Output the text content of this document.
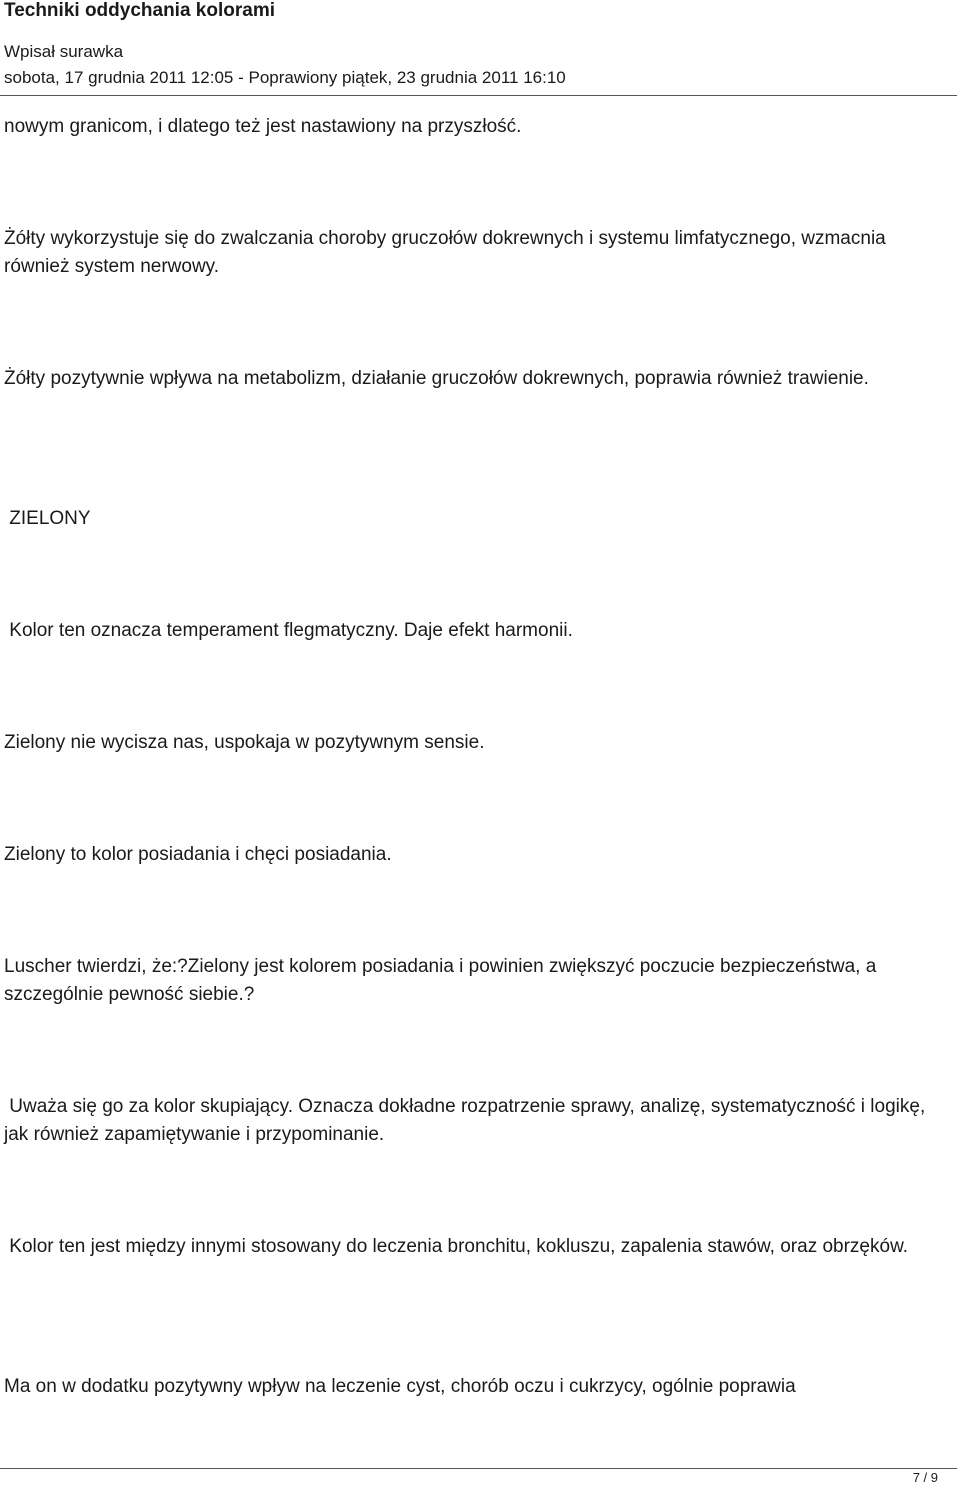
Techniki oddychania kolorami
Wpisał surawka
sobota, 17 grudnia 2011 12:05 - Poprawiony piątek, 23 grudnia 2011 16:10

nowym granicom, i dlatego też jest nastawiony na przyszłość.

Żółty wykorzystuje się do zwalczania choroby gruczołów dokrewnych i systemu limfatycznego, wzmacnia również system nerwowy.

Żółty pozytywnie wpływa na metabolizm, działanie gruczołów dokrewnych, poprawia również trawienie.

ZIELONY

Kolor ten oznacza temperament flegmatyczny. Daje efekt harmonii.

Zielony nie wycisza nas, uspokaja w pozytywnym sensie.

Zielony to kolor posiadania i chęci posiadania.

Luscher twierdzi, że:?Zielony jest kolorem posiadania i powinien zwiększyć poczucie bezpieczeństwa, a szczególnie pewność siebie.?

Uważa się go za kolor skupiający. Oznacza dokładne rozpatrzenie sprawy, analizę, systematyczność i logikę, jak również zapamiętywanie i przypominanie.

Kolor ten jest między innymi stosowany do leczenia bronchitu, kokluszu, zapalenia stawów, oraz obrzęków.

Ma on w dodatku pozytywny wpływ na leczenie cyst, chorób oczu i cukrzycy, ogólnie poprawia

7 / 9
